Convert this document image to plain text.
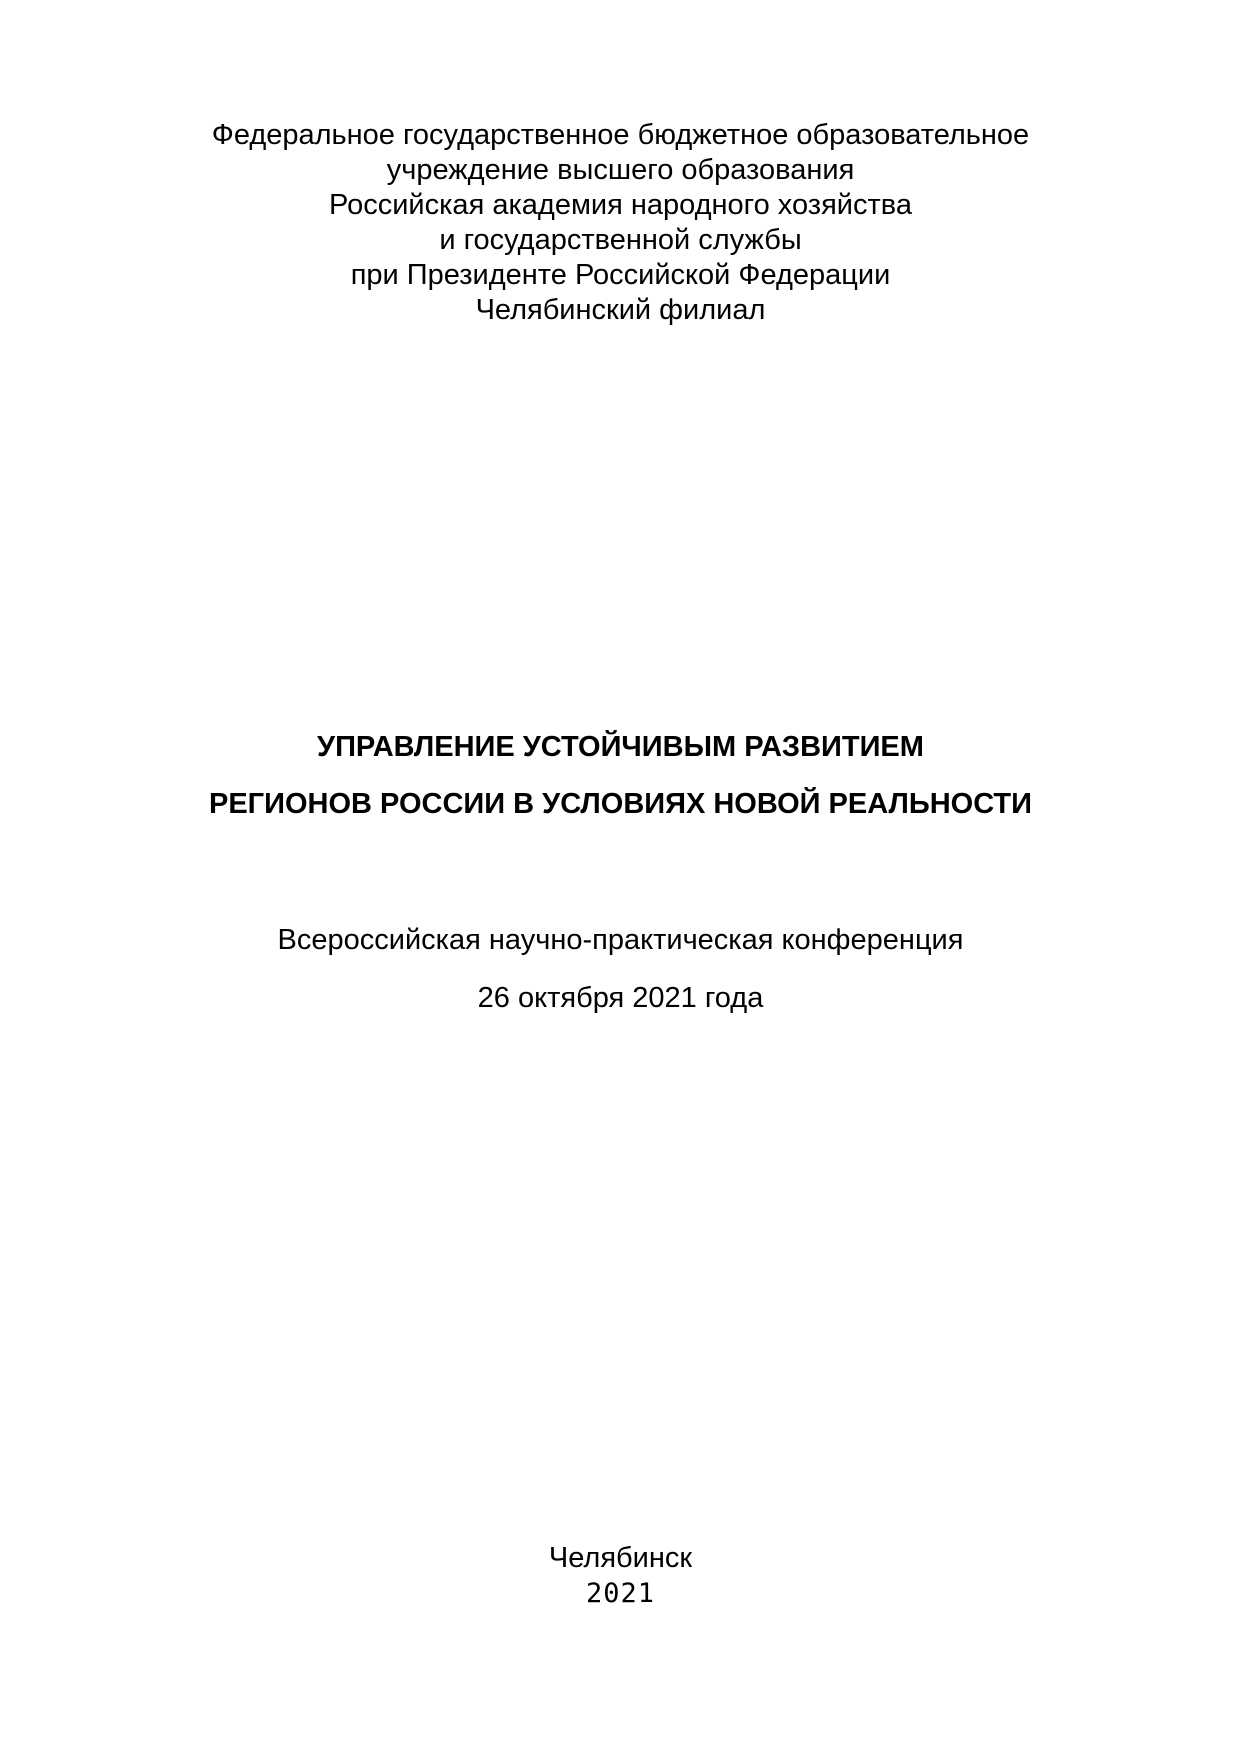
Федеральное государственное бюджетное образовательное
учреждение высшего образования
Российская академия народного хозяйства
и государственной службы
при Президенте Российской Федерации
Челябинский филиал
УПРАВЛЕНИЕ УСТОЙЧИВЫМ РАЗВИТИЕМ
РЕГИОНОВ РОССИИ В УСЛОВИЯХ НОВОЙ РЕАЛЬНОСТИ
Всероссийская научно-практическая конференция
26 октября 2021 года
Челябинск
2021
